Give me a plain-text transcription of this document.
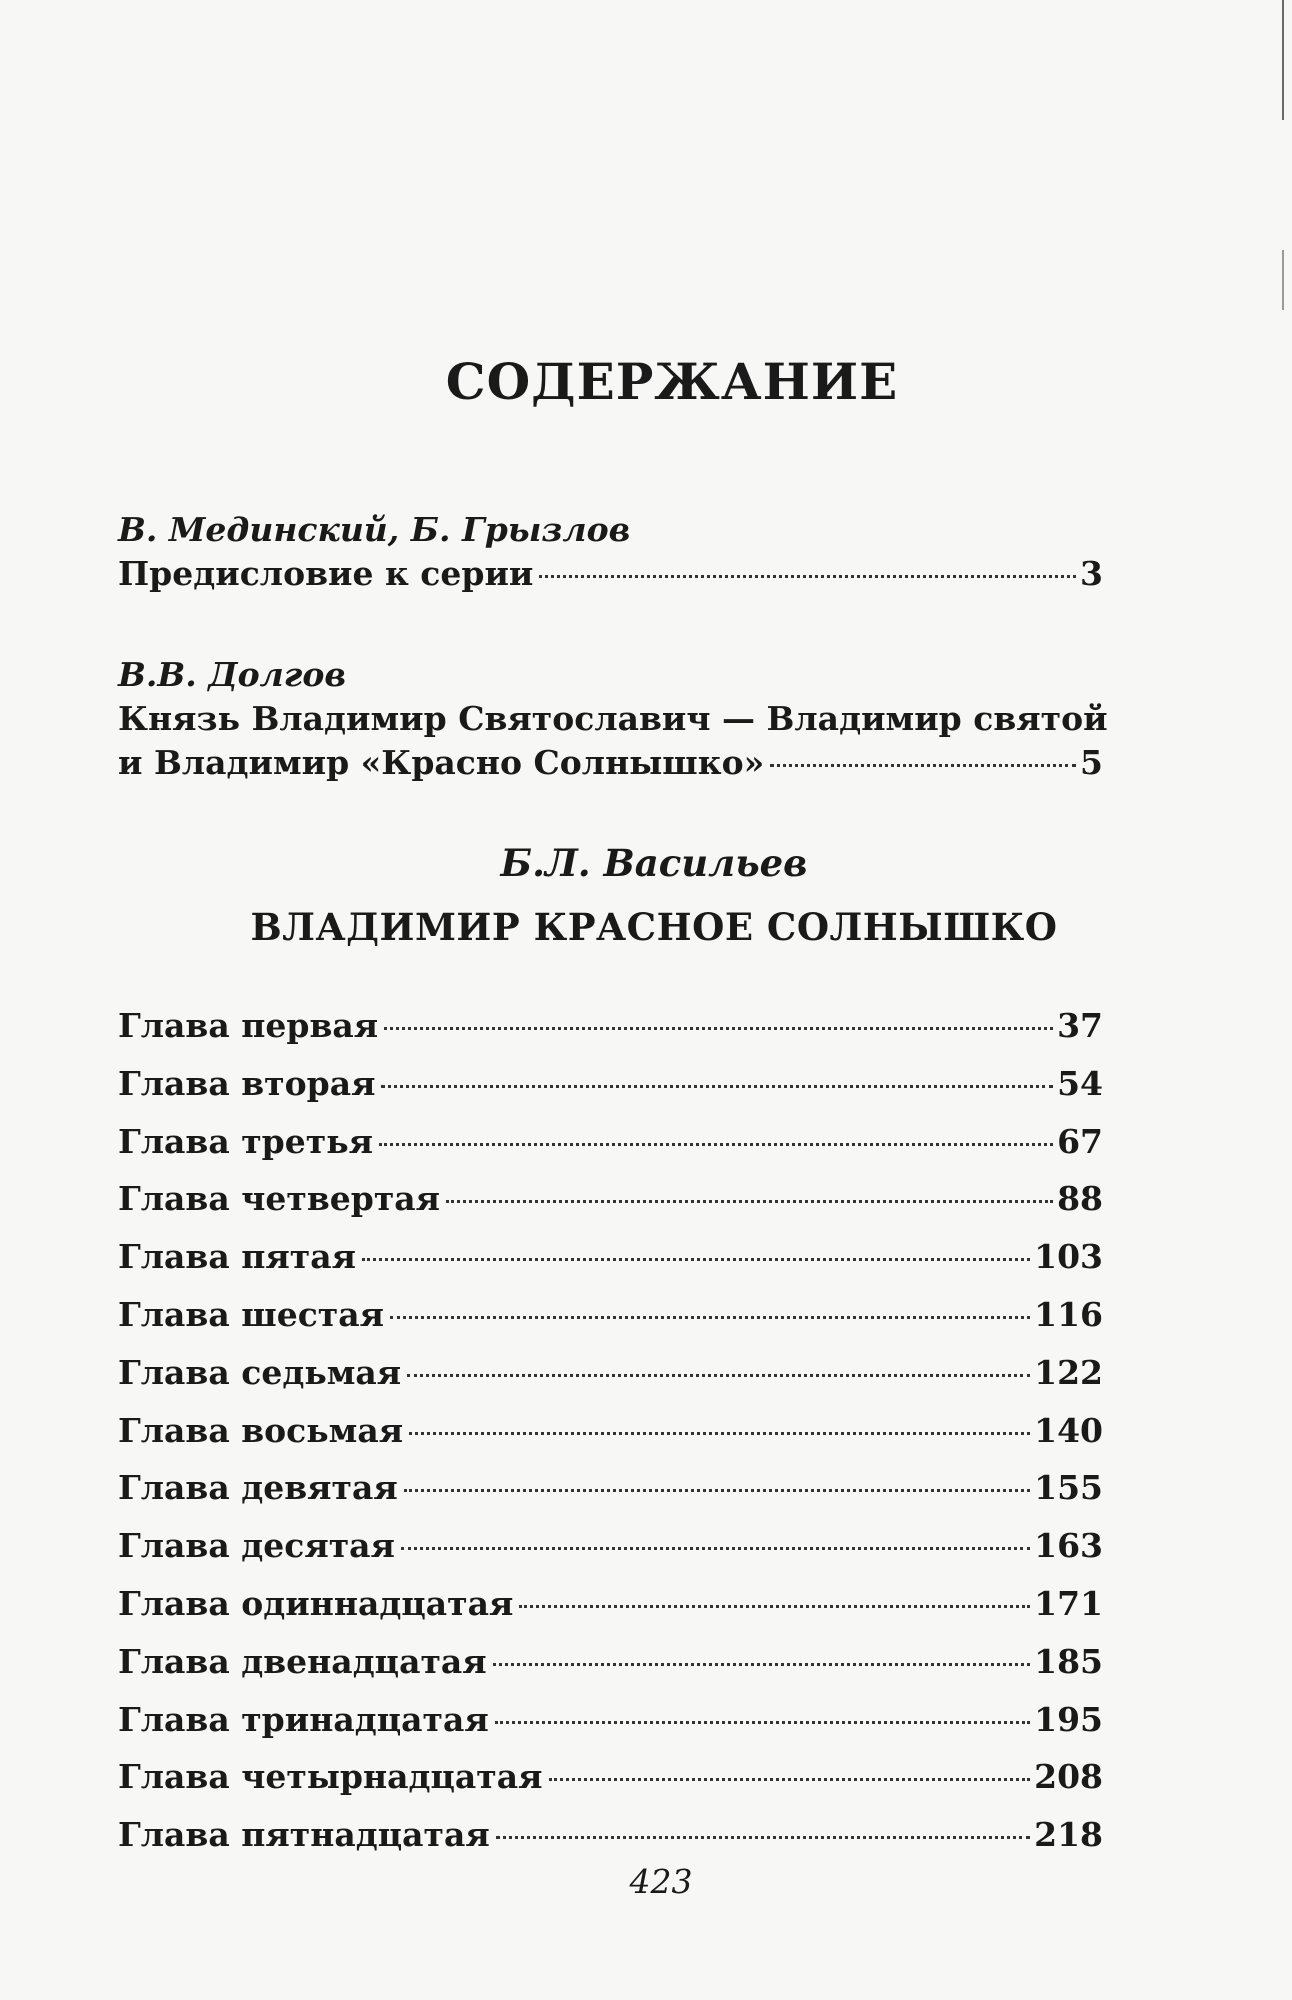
СОДЕРЖАНИЕ
В. Мединский, Б. Грызлов
Предисловие к серии	3
В.В. Долгов
Князь Владимир Святославич — Владимир святой
и Владимир «Красно Солнышко»	5
Б.Л. Васильев
ВЛАДИМИР КРАСНОЕ СОЛНЫШКО
Глава первая	37
Глава вторая	54
Глава третья	67
Глава четвертая	88
Глава пятая	103
Глава шестая	116
Глава седьмая	122
Глава восьмая	140
Глава девятая	155
Глава десятая	163
Глава одиннадцатая	171
Глава двенадцатая	185
Глава тринадцатая	195
Глава четырнадцатая	208
Глава пятнадцатая	218
423
